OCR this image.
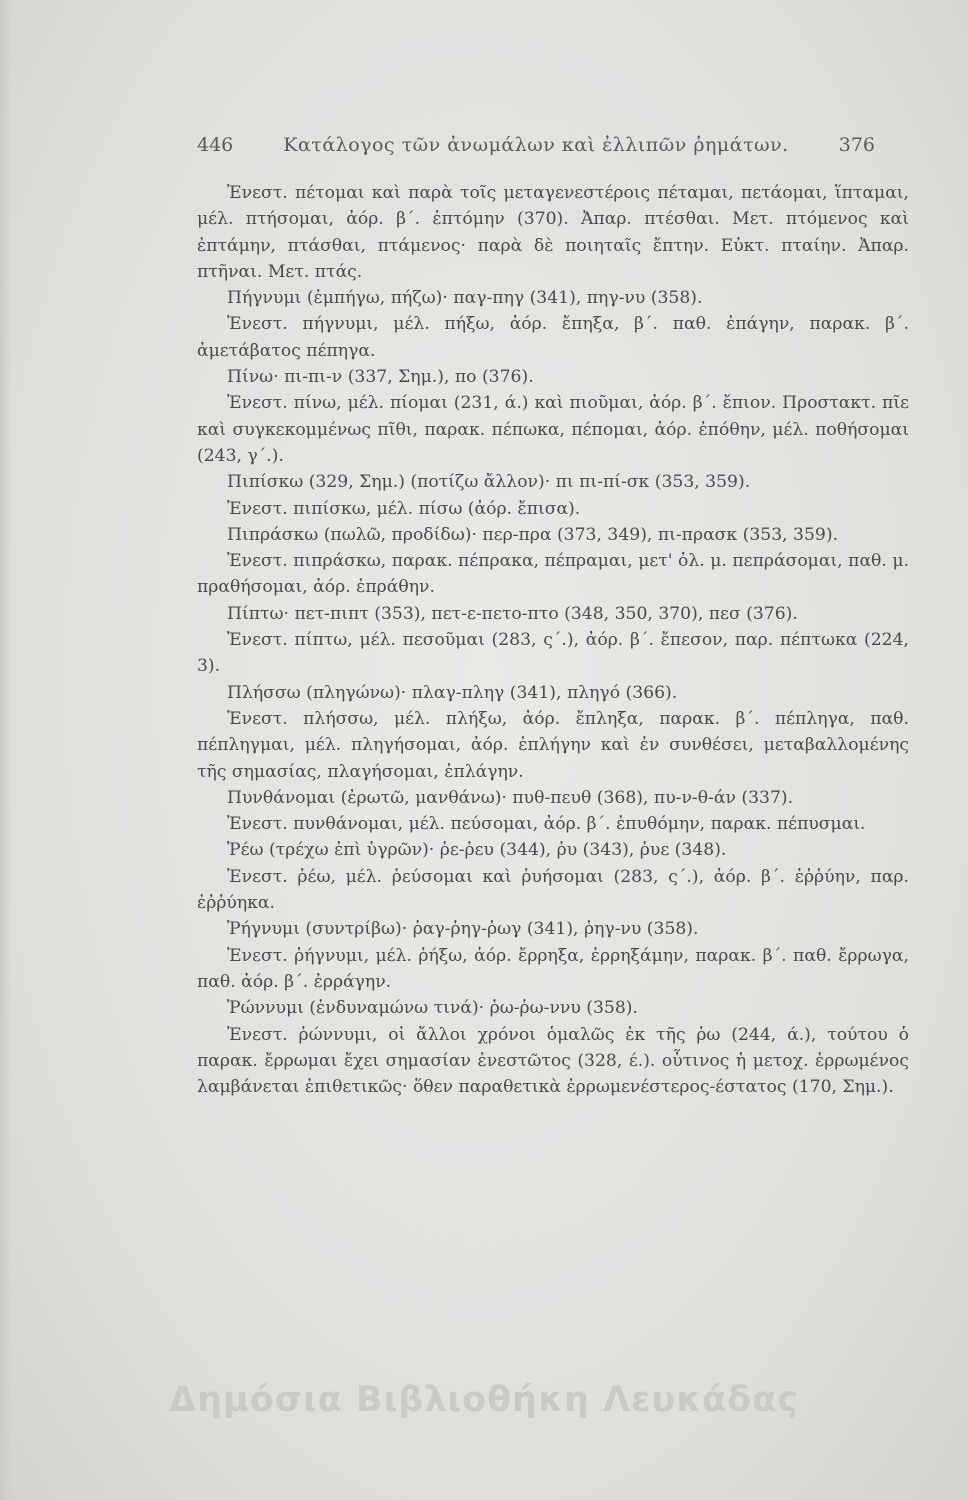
446	Κατάλογος τῶν ἀνωμάλων καὶ ἐλλιπῶν ῥημάτων.	376

Ἐνεστ. πέτομαι καὶ παρὰ τοῖς μεταγενεστέροις πέταμαι, πετάομαι, ἵπταμαι, μέλ. πτήσομαι, ἀόρ. β΄. ἐπτόμην (370). Ἀπαρ. πτέσθαι. Μετ. πτόμενος καὶ ἐπτάμην, πτάσθαι, πτάμενος· παρὰ δὲ ποιηταῖς ἔπτην. Εὐκτ. πταίην. Ἀπαρ. πτῆναι. Μετ. πτάς.

Πήγνυμι (ἐμπήγω, πήζω)· παγ-πηγ (341), πηγ-νυ (358).

Ἐνεστ. πήγνυμι, μέλ. πήξω, ἀόρ. ἔπηξα, β΄. παθ. ἐπάγην, παρακ. β΄. ἀμετάβατος πέπηγα.

Πίνω· πι-πι-ν (337, Σημ.), πο (376).

Ἐνεστ. πίνω, μέλ. πίομαι (231, ά.) καὶ πιοῦμαι, ἀόρ. β΄. ἔπιον. Προστακτ. πῖε καὶ συγκεκομμένως πῖθι, παρακ. πέπωκα, πέπομαι, ἀόρ. ἐπόθην, μέλ. ποθήσομαι (243, γ΄.).

Πιπίσκω (329, Σημ.) (ποτίζω ἄλλον)· πι πι-πί-σκ (353, 359).

Ἐνεστ. πιπίσκω, μέλ. πίσω (ἀόρ. ἔπισα).

Πιπράσκω (πωλῶ, προδίδω)· περ-πρα (373, 349), πι-πρασκ (353, 359).

Ἐνεστ. πιπράσκω, παρακ. πέπρακα, πέπραμαι, μετ' ὀλ. μ. πεπράσομαι, παθ. μ. πραθήσομαι, ἀόρ. ἐπράθην.

Πίπτω· πετ-πιπτ (353), πετ-ε-πετο-πτο (348, 350, 370), πεσ (376).

Ἐνεστ. πίπτω, μέλ. πεσοῦμαι (283, ς΄.), ἀόρ. β΄. ἔπεσον, παρ. πέπτωκα (224, 3).

Πλήσσω (πληγώνω)· πλαγ-πληγ (341), πληγό (366).

Ἐνεστ. πλήσσω, μέλ. πλήξω, ἀόρ. ἔπληξα, παρακ. β΄. πέπληγα, παθ. πέπληγμαι, μέλ. πληγήσομαι, ἀόρ. ἐπλήγην καὶ ἐν συνθέσει, μεταβαλλομένης τῆς σημασίας, πλαγήσομαι, ἐπλάγην.

Πυνθάνομαι (ἐρωτῶ, μανθάνω)· πυθ-πευθ (368), πυ-ν-θ-άν (337).

Ἐνεστ. πυνθάνομαι, μέλ. πεύσομαι, ἀόρ. β΄. ἐπυθόμην, παρακ. πέπυσμαι.

Ῥέω (τρέχω ἐπὶ ὑγρῶν)· ῥε-ῥευ (344), ῥυ (343), ῥυε (348).

Ἐνεστ. ῥέω, μέλ. ῥεύσομαι καὶ ῥυήσομαι (283, ς΄.), ἀόρ. β΄. ἐῤῥύην, παρ. ἐῤῥύηκα.

Ῥήγνυμι (συντρίβω)· ῥαγ-ῥηγ-ῥωγ (341), ῥηγ-νυ (358).

Ἐνεστ. ῥήγνυμι, μέλ. ῥήξω, ἀόρ. ἔρρηξα, ἐρρηξάμην, παρακ. β΄. παθ. ἔρρωγα, παθ. ἀόρ. β΄. ἐρράγην.

Ῥώννυμι (ἐνδυναμώνω τινά)· ῥω-ῥω-ννυ (358).

Ἐνεστ. ῥώννυμι, οἱ ἄλλοι χρόνοι ὁμαλῶς ἐκ τῆς ῥω (244, ά.), τούτου ὁ παρακ. ἔρρωμαι ἔχει σημασίαν ἐνεστῶτος (328, έ.). οὗτινος ἡ μετοχ. ἐρρωμένος λαμβάνεται ἐπιθετικῶς· ὅθεν παραθετικὰ ἐρρωμενέστερος-έστατος (170, Σημ.).

Δημόσια Βιβλιοθήκη Λευκάδας
